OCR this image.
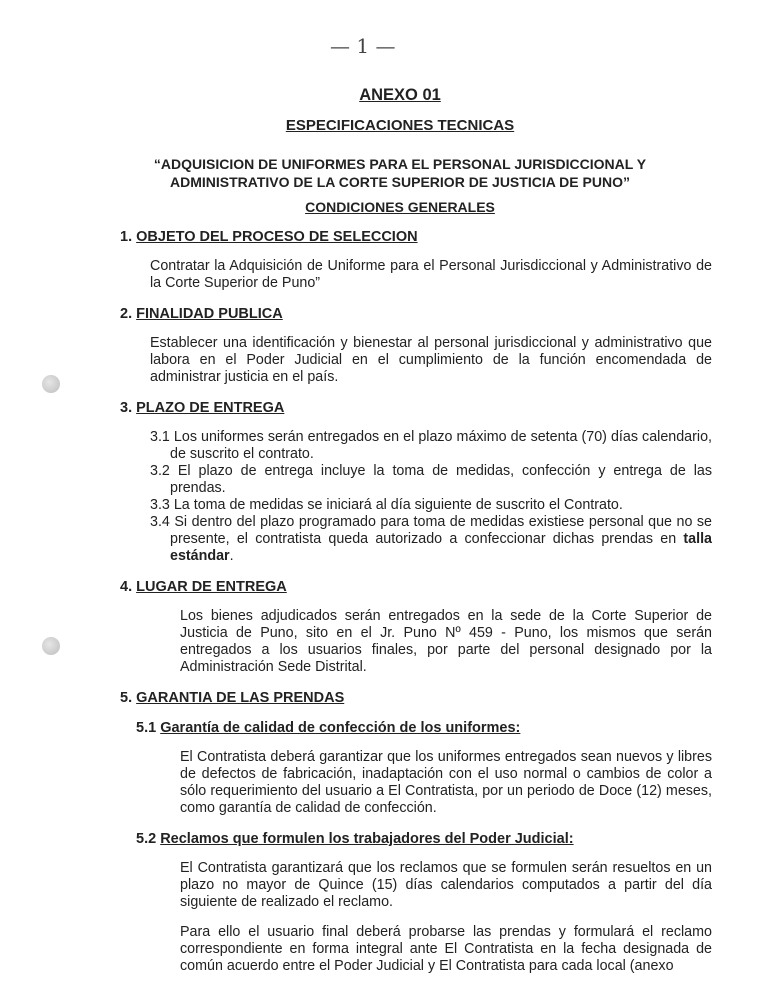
— 1 —
ANEXO 01
ESPECIFICACIONES TECNICAS
“ADQUISICION DE UNIFORMES PARA EL PERSONAL JURISDICCIONAL Y
ADMINISTRATIVO DE LA CORTE SUPERIOR DE JUSTICIA DE PUNO”
CONDICIONES GENERALES
1. OBJETO DEL PROCESO DE SELECCION
Contratar la Adquisición de Uniforme para el Personal Jurisdiccional y Administrativo de la Corte Superior de Puno”
2. FINALIDAD PUBLICA
Establecer una identificación y bienestar al personal jurisdiccional y administrativo que labora en el Poder Judicial en el cumplimiento de la función encomendada de administrar justicia en el país.
3. PLAZO DE ENTREGA
3.1 Los uniformes serán entregados en el plazo máximo de setenta (70) días calendario, de suscrito el contrato.
3.2 El plazo de entrega incluye la toma de medidas, confección y entrega de las prendas.
3.3 La toma de medidas se iniciará al día siguiente de suscrito el Contrato.
3.4 Si dentro del plazo programado para toma de medidas existiese personal que no se presente, el contratista queda autorizado a confeccionar dichas prendas en talla estándar.
4. LUGAR DE ENTREGA
Los bienes adjudicados serán entregados en la sede de la Corte Superior de Justicia de Puno, sito en el Jr. Puno Nº 459 - Puno, los mismos que serán entregados a los usuarios finales, por parte del personal designado por la Administración Sede Distrital.
5. GARANTIA DE LAS PRENDAS
5.1 Garantía de calidad de confección de los uniformes:
El Contratista deberá garantizar que los uniformes entregados sean nuevos y libres de defectos de fabricación, inadaptación con el uso normal o cambios de color a sólo requerimiento del usuario a El Contratista, por un periodo de Doce (12) meses, como garantía de calidad de confección.
5.2 Reclamos que formulen los trabajadores del Poder Judicial:
El Contratista garantizará que los reclamos que se formulen serán resueltos en un plazo no mayor de Quince (15) días calendarios computados a partir del día siguiente de realizado el reclamo.
Para ello el usuario final deberá probarse las prendas y formulará el reclamo correspondiente en forma integral ante El Contratista en la fecha designada de común acuerdo entre el Poder Judicial y El Contratista para cada local (anexo
